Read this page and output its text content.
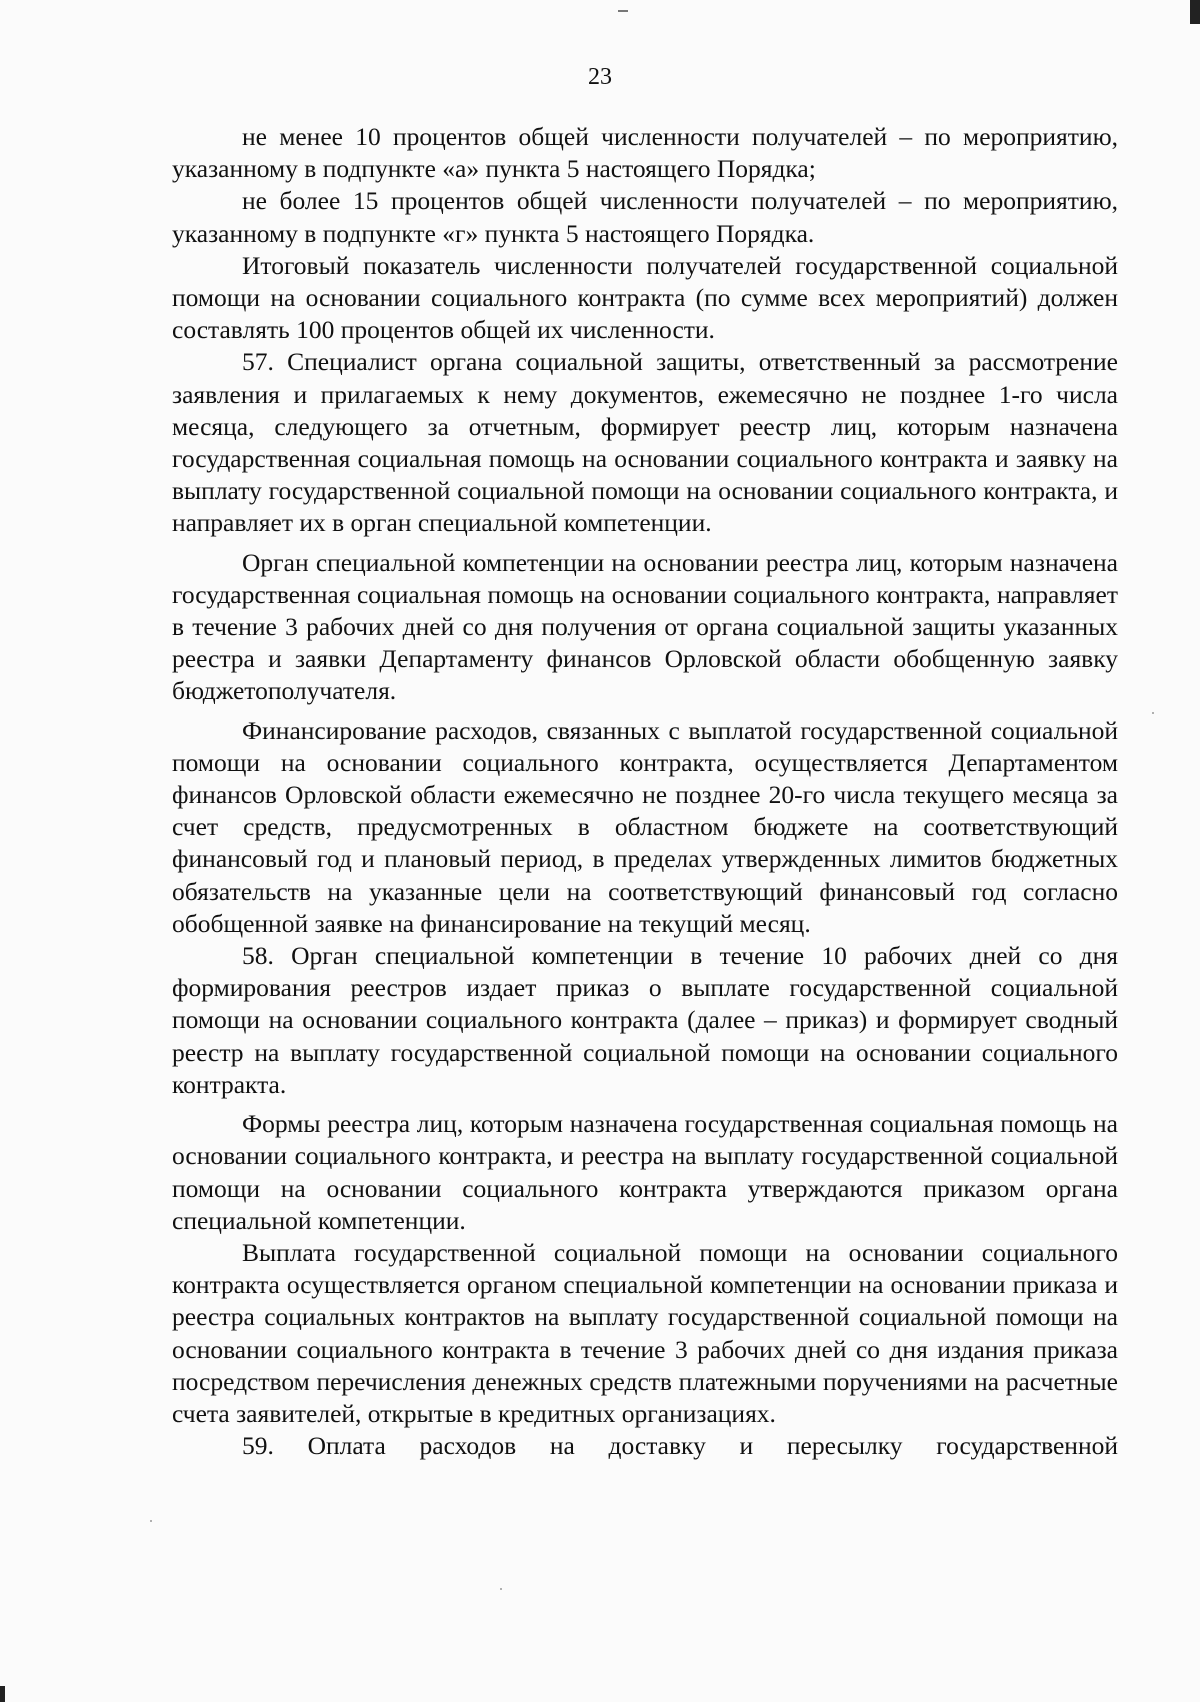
23

не менее 10 процентов общей численности получателей – по мероприятию, указанному в подпункте «а» пункта 5 настоящего Порядка;

не более 15 процентов общей численности получателей – по мероприятию, указанному в подпункте «г» пункта 5 настоящего Порядка.

Итоговый показатель численности получателей государственной социальной помощи на основании социального контракта (по сумме всех мероприятий) должен составлять 100 процентов общей их численности.

57. Специалист органа социальной защиты, ответственный за рассмотрение заявления и прилагаемых к нему документов, ежемесячно не позднее 1-го числа месяца, следующего за отчетным, формирует реестр лиц, которым назначена государственная социальная помощь на основании социального контракта и заявку на выплату государственной социальной помощи на основании социального контракта, и направляет их в орган специальной компетенции.

Орган специальной компетенции на основании реестра лиц, которым назначена государственная социальная помощь на основании социального контракта, направляет в течение 3 рабочих дней со дня получения от органа социальной защиты указанных реестра и заявки Департаменту финансов Орловской области обобщенную заявку бюджетополучателя.

Финансирование расходов, связанных с выплатой государственной социальной помощи на основании социального контракта, осуществляется Департаментом финансов Орловской области ежемесячно не позднее 20-го числа текущего месяца за счет средств, предусмотренных в областном бюджете на соответствующий финансовый год и плановый период, в пределах утвержденных лимитов бюджетных обязательств на указанные цели на соответствующий финансовый год согласно обобщенной заявке на финансирование на текущий месяц.

58. Орган специальной компетенции в течение 10 рабочих дней со дня формирования реестров издает приказ о выплате государственной социальной помощи на основании социального контракта (далее – приказ) и формирует сводный реестр на выплату государственной социальной помощи на основании социального контракта.

Формы реестра лиц, которым назначена государственная социальная помощь на основании социального контракта, и реестра на выплату государственной социальной помощи на основании социального контракта утверждаются приказом органа специальной компетенции.

Выплата государственной социальной помощи на основании социального контракта осуществляется органом специальной компетенции на основании приказа и реестра социальных контрактов на выплату государственной социальной помощи на основании социального контракта в течение 3 рабочих дней со дня издания приказа посредством перечисления денежных средств платежными поручениями на расчетные счета заявителей, открытые в кредитных организациях.

59. Оплата расходов на доставку и пересылку государственной
